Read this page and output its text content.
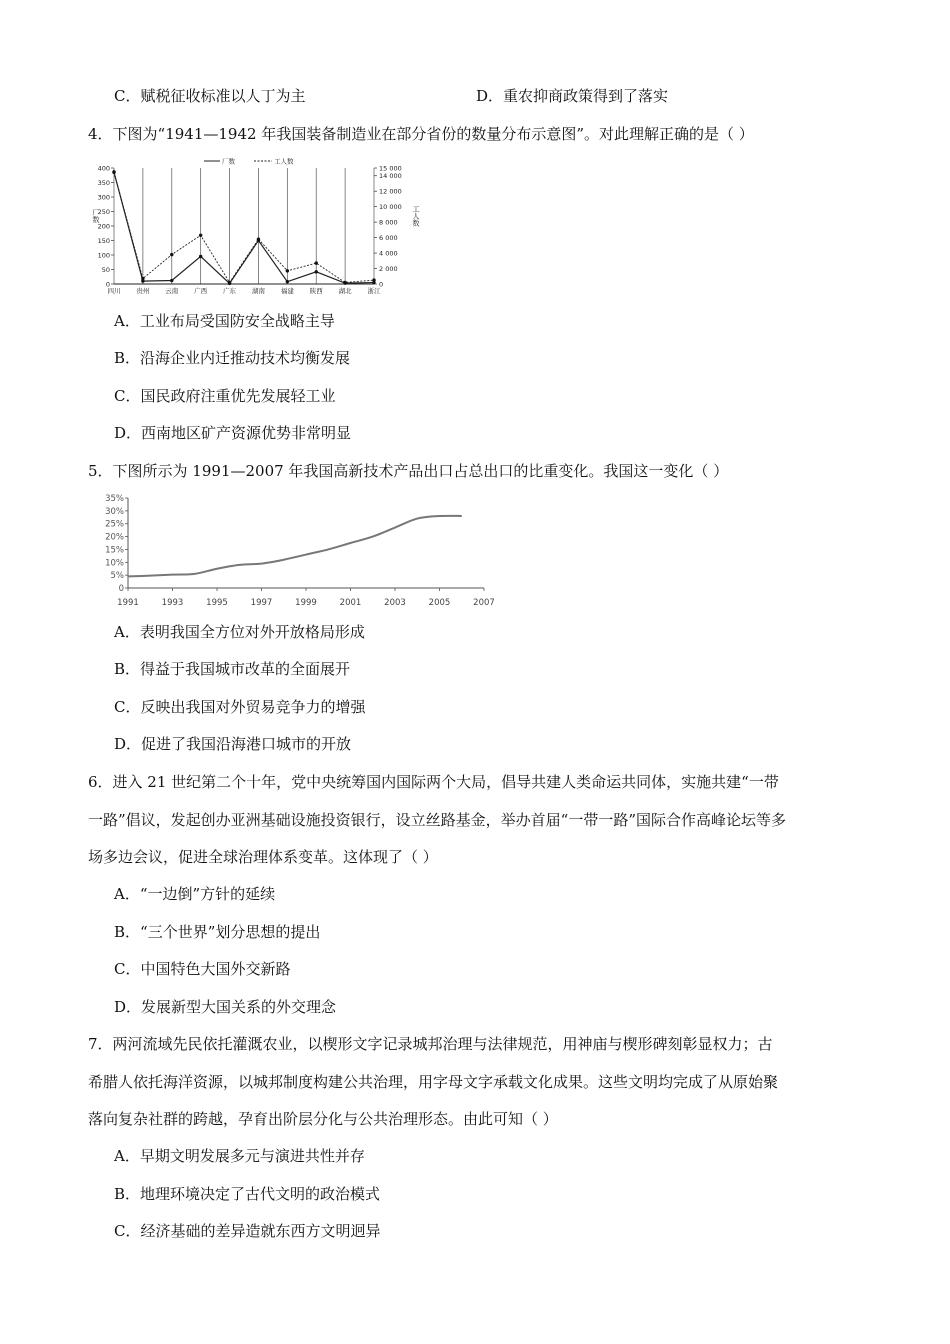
C．赋税征收标准以人丁为主	D．重农抑商政策得到了落实
4．下图为“1941—1942 年我国装备制造业在部分省份的数量分布示意图”。对此理解正确的是（ ）
0
50
100
150
200
250
300
350
400
0
2 000
4 000
6 000
8 000
10 000
12 000
14 000
15 000
四川 贵州 云南 广西 广东 湖南 福建 陕西 湖北 浙江
厂数	工人数
厂数	工人数
A．工业布局受国防安全战略主导
B．沿海企业内迁推动技术均衡发展
C．国民政府注重优先发展轻工业
D．西南地区矿产资源优势非常明显
5．下图所示为 1991—2007 年我国高新技术产品出口占总出口的比重变化。我国这一变化（ ）
0
5%
10%
15%
20%
25%
30%
35%
1991	1993	1995	1997	1999	2001	2003	2005	2007
A．表明我国全方位对外开放格局形成
B．得益于我国城市改革的全面展开
C．反映出我国对外贸易竞争力的增强
D．促进了我国沿海港口城市的开放
6．进入 21 世纪第二个十年，党中央统筹国内国际两个大局，倡导共建人类命运共同体，实施共建“一带
一路”倡议，发起创办亚洲基础设施投资银行，设立丝路基金，举办首届“一带一路”国际合作高峰论坛等多
场多边会议，促进全球治理体系变革。这体现了（ ）
A．“一边倒”方针的延续
B．“三个世界”划分思想的提出
C．中国特色大国外交新路
D．发展新型大国关系的外交理念
7．两河流域先民依托灌溉农业，以楔形文字记录城邦治理与法律规范，用神庙与楔形碑刻彰显权力；古
希腊人依托海洋资源，以城邦制度构建公共治理，用字母文字承载文化成果。这些文明均完成了从原始聚
落向复杂社群的跨越，孕育出阶层分化与公共治理形态。由此可知（ ）
A．早期文明发展多元与演进共性并存
B．地理环境决定了古代文明的政治模式
C．经济基础的差异造就东西方文明迥异
